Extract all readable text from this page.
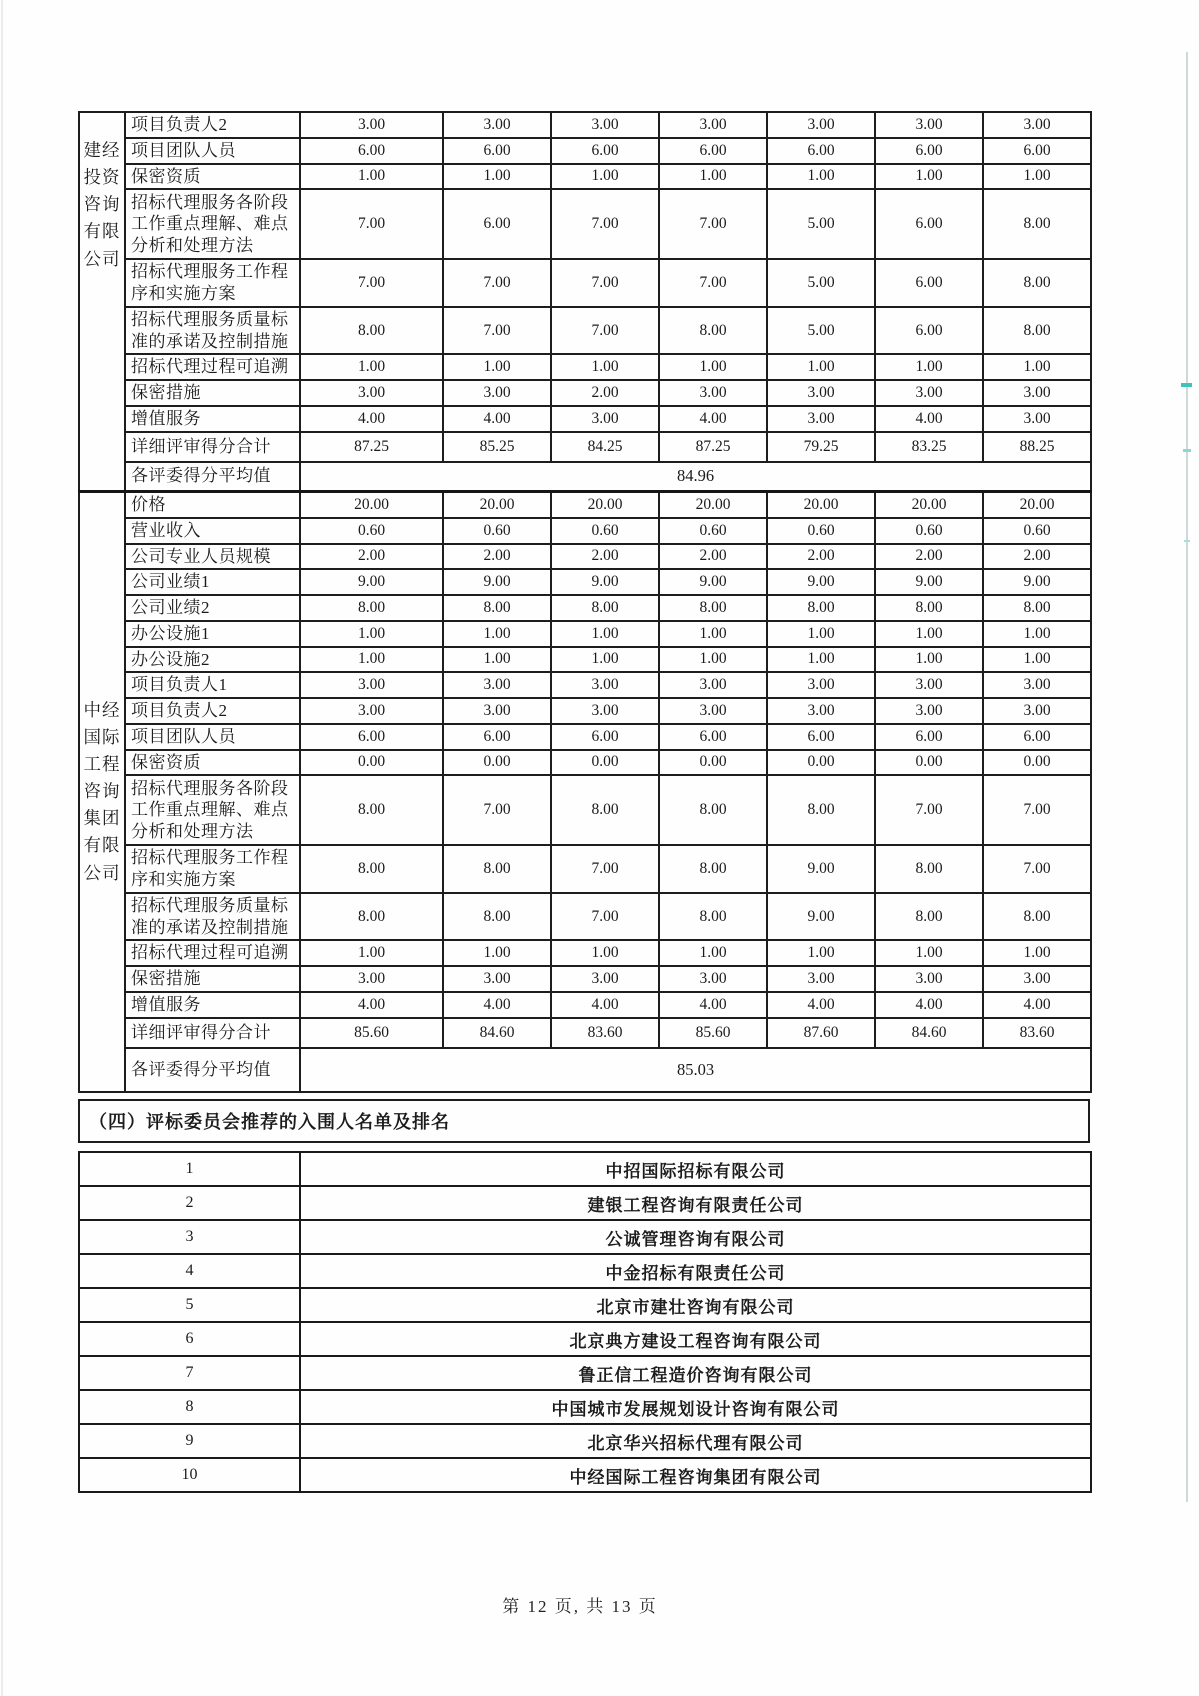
建经投资咨询有限公司	项目负责人2	3.00	3.00	3.00	3.00	3.00	3.00	3.00
	项目团队人员	6.00	6.00	6.00	6.00	6.00	6.00	6.00
	保密资质	1.00	1.00	1.00	1.00	1.00	1.00	1.00
	招标代理服务各阶段工作重点理解、难点分析和处理方法	7.00	6.00	7.00	7.00	5.00	6.00	8.00
	招标代理服务工作程序和实施方案	7.00	7.00	7.00	7.00	5.00	6.00	8.00
	招标代理服务质量标准的承诺及控制措施	8.00	7.00	7.00	8.00	5.00	6.00	8.00
	招标代理过程可追溯	1.00	1.00	1.00	1.00	1.00	1.00	1.00
	保密措施	3.00	3.00	2.00	3.00	3.00	3.00	3.00
	增值服务	4.00	4.00	3.00	4.00	3.00	4.00	3.00
	详细评审得分合计	87.25	85.25	84.25	87.25	79.25	83.25	88.25
	各评委得分平均值	84.96						

中经国际工程咨询集团有限公司	价格	20.00	20.00	20.00	20.00	20.00	20.00	20.00
	营业收入	0.60	0.60	0.60	0.60	0.60	0.60	0.60
	公司专业人员规模	2.00	2.00	2.00	2.00	2.00	2.00	2.00
	公司业绩1	9.00	9.00	9.00	9.00	9.00	9.00	9.00
	公司业绩2	8.00	8.00	8.00	8.00	8.00	8.00	8.00
	办公设施1	1.00	1.00	1.00	1.00	1.00	1.00	1.00
	办公设施2	1.00	1.00	1.00	1.00	1.00	1.00	1.00
	项目负责人1	3.00	3.00	3.00	3.00	3.00	3.00	3.00
	项目负责人2	3.00	3.00	3.00	3.00	3.00	3.00	3.00
	项目团队人员	6.00	6.00	6.00	6.00	6.00	6.00	6.00
	保密资质	0.00	0.00	0.00	0.00	0.00	0.00	0.00
	招标代理服务各阶段工作重点理解、难点分析和处理方法	8.00	7.00	8.00	8.00	8.00	7.00	7.00
	招标代理服务工作程序和实施方案	8.00	8.00	7.00	8.00	9.00	8.00	7.00
	招标代理服务质量标准的承诺及控制措施	8.00	8.00	7.00	8.00	9.00	8.00	8.00
	招标代理过程可追溯	1.00	1.00	1.00	1.00	1.00	1.00	1.00
	保密措施	3.00	3.00	3.00	3.00	3.00	3.00	3.00
	增值服务	4.00	4.00	4.00	4.00	4.00	4.00	4.00
	详细评审得分合计	85.60	84.60	83.60	85.60	87.60	84.60	83.60
	各评委得分平均值	85.03						
（四）评标委员会推荐的入围人名单及排名
1	中招国际招标有限公司
2	建银工程咨询有限责任公司
3	公诚管理咨询有限公司
4	中金招标有限责任公司
5	北京市建壮咨询有限公司
6	北京典方建设工程咨询有限公司
7	鲁正信工程造价咨询有限公司
8	中国城市发展规划设计咨询有限公司
9	北京华兴招标代理有限公司
10	中经国际工程咨询集团有限公司
第 12 页, 共 13 页
